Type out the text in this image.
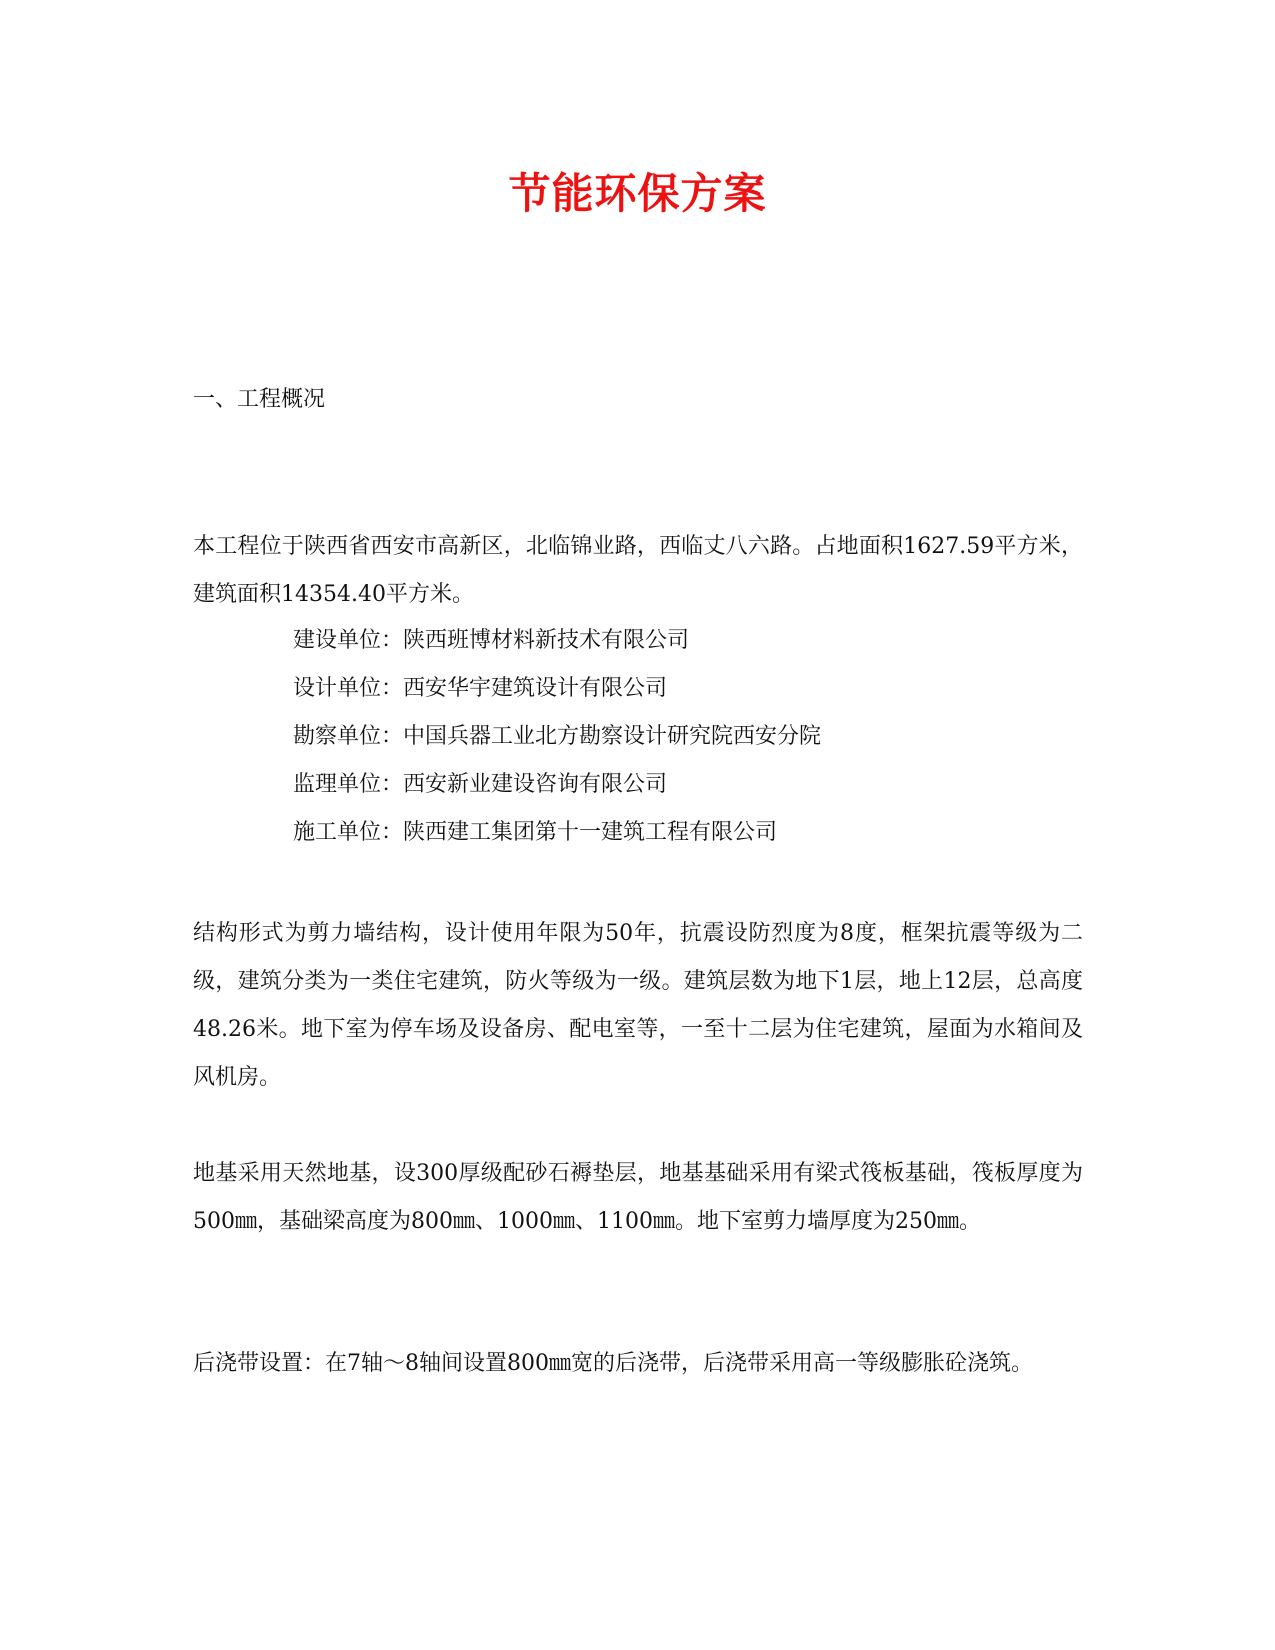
节能环保方案
一、工程概况

本工程位于陕西省西安市高新区，北临锦业路，西临丈八六路。占地面积1627.59平方米，建筑面积14354.40平方米。

建设单位：陕西班博材料新技术有限公司
设计单位：西安华宇建筑设计有限公司
勘察单位：中国兵器工业北方勘察设计研究院西安分院
监理单位：西安新业建设咨询有限公司
施工单位：陕西建工集团第十一建筑工程有限公司

结构形式为剪力墙结构，设计使用年限为50年，抗震设防烈度为8度，框架抗震等级为二级，建筑分类为一类住宅建筑，防火等级为一级。建筑层数为地下1层，地上12层，总高度48.26米。地下室为停车场及设备房、配电室等，一至十二层为住宅建筑，屋面为水箱间及风机房。

地基采用天然地基，设300厚级配砂石褥垫层，地基基础采用有梁式筏板基础，筏板厚度为500㎜，基础梁高度为800㎜、1000㎜、1100㎜。地下室剪力墙厚度为250㎜。

后浇带设置：在7轴～8轴间设置800㎜宽的后浇带，后浇带采用高一等级膨胀砼浇筑。
